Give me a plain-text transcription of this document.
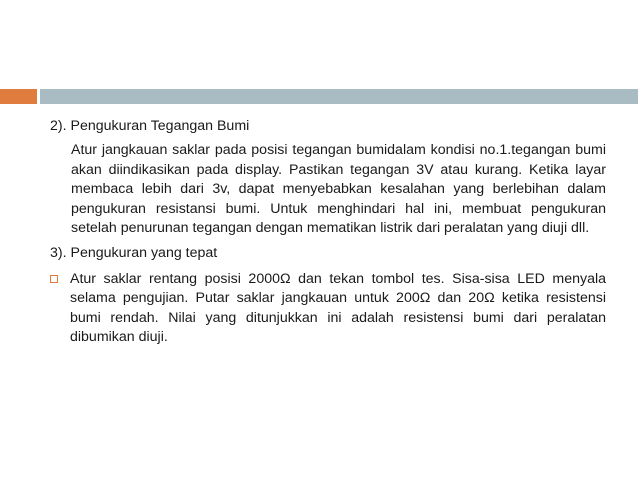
2). Pengukuran Tegangan Bumi
Atur jangkauan saklar pada posisi tegangan bumidalam kondisi no.1.tegangan bumi akan diindikasikan pada display. Pastikan tegangan 3V atau kurang. Ketika layar membaca lebih dari 3v, dapat menyebabkan kesalahan yang berlebihan dalam pengukuran resistansi bumi. Untuk menghindari hal ini, membuat pengukuran setelah penurunan tegangan dengan mematikan listrik dari peralatan yang diuji dll.
3). Pengukuran yang tepat
Atur saklar rentang posisi 2000Ω dan tekan tombol tes. Sisa-sisa LED menyala selama pengujian. Putar saklar jangkauan untuk 200Ω dan 20Ω ketika resistensi bumi rendah. Nilai yang ditunjukkan ini adalah resistensi bumi dari peralatan dibumikan diuji.
